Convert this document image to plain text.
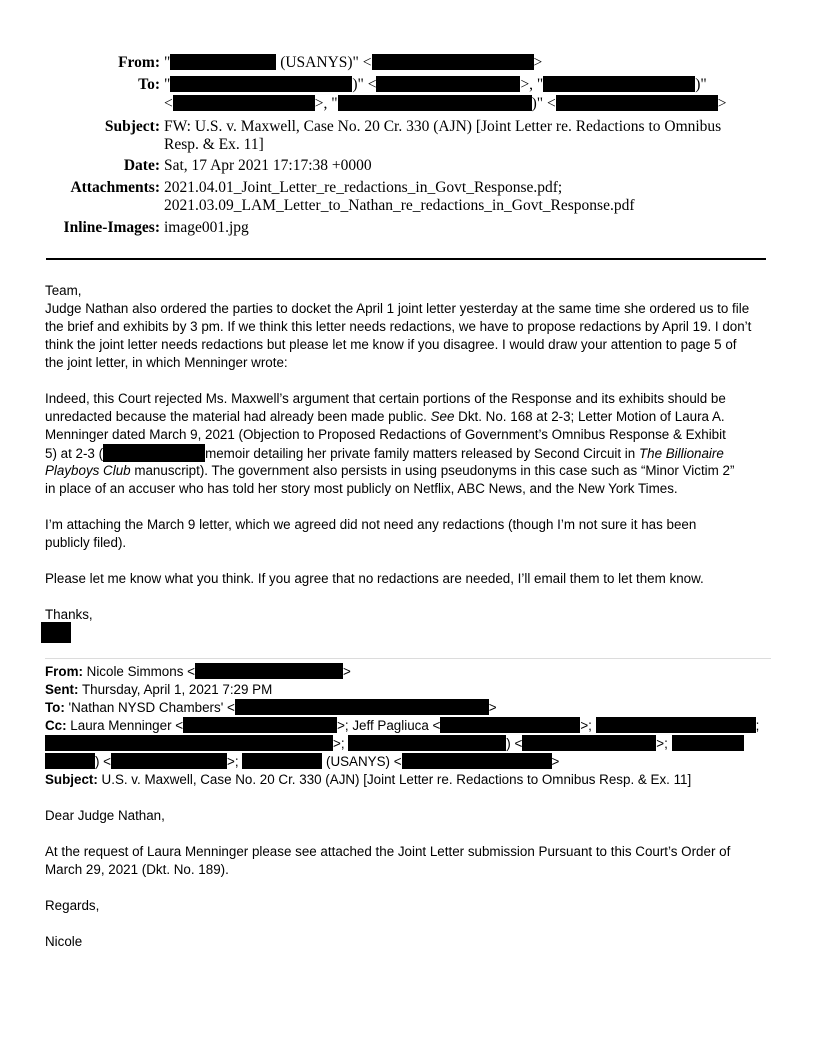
From: "	(USANYS)" <	>
To: "	)" <	>, "	)"
<	>, "	)" <	>
Subject: FW: U.S. v. Maxwell, Case No. 20 Cr. 330 (AJN) [Joint Letter re. Redactions to Omnibus
Resp. & Ex. 11]
Date: Sat, 17 Apr 2021 17:17:38 +0000
Attachments: 2021.04.01_Joint_Letter_re_redactions_in_Govt_Response.pdf;
2021.03.09_LAM_Letter_to_Nathan_re_redactions_in_Govt_Response.pdf
Inline-Images: image001.jpg
Team,
Judge Nathan also ordered the parties to docket the April 1 joint letter yesterday at the same time she ordered us to file
the brief and exhibits by 3 pm. If we think this letter needs redactions, we have to propose redactions by April 19. I don’t
think the joint letter needs redactions but please let me know if you disagree. I would draw your attention to page 5 of
the joint letter, in which Menninger wrote:
Indeed, this Court rejected Ms. Maxwell’s argument that certain portions of the Response and its exhibits should be
unredacted because the material had already been made public. See Dkt. No. 168 at 2-3; Letter Motion of Laura A.
Menninger dated March 9, 2021 (Objection to Proposed Redactions of Government’s Omnibus Response & Exhibit
5) at 2-3 (	memoir detailing her private family matters released by Second Circuit in The Billionaire
Playboys Club manuscript). The government also persists in using pseudonyms in this case such as “Minor Victim 2”
in place of an accuser who has told her story most publicly on Netflix, ABC News, and the New York Times.
I’m attaching the March 9 letter, which we agreed did not need any redactions (though I’m not sure it has been
publicly filed).
Please let me know what you think. If you agree that no redactions are needed, I’ll email them to let them know.
Thanks,
From: Nicole Simmons <	>
Sent: Thursday, April 1, 2021 7:29 PM
To: 'Nathan NYSD Chambers' <	>
Cc: Laura Menninger <	>; Jeff Pagliuca <	>;	;
>;	) <	>;
) <	>;	(USANYS) <	>
Subject: U.S. v. Maxwell, Case No. 20 Cr. 330 (AJN) [Joint Letter re. Redactions to Omnibus Resp. & Ex. 11]
Dear Judge Nathan,
At the request of Laura Menninger please see attached the Joint Letter submission Pursuant to this Court’s Order of
March 29, 2021 (Dkt. No. 189).
Regards,
Nicole
